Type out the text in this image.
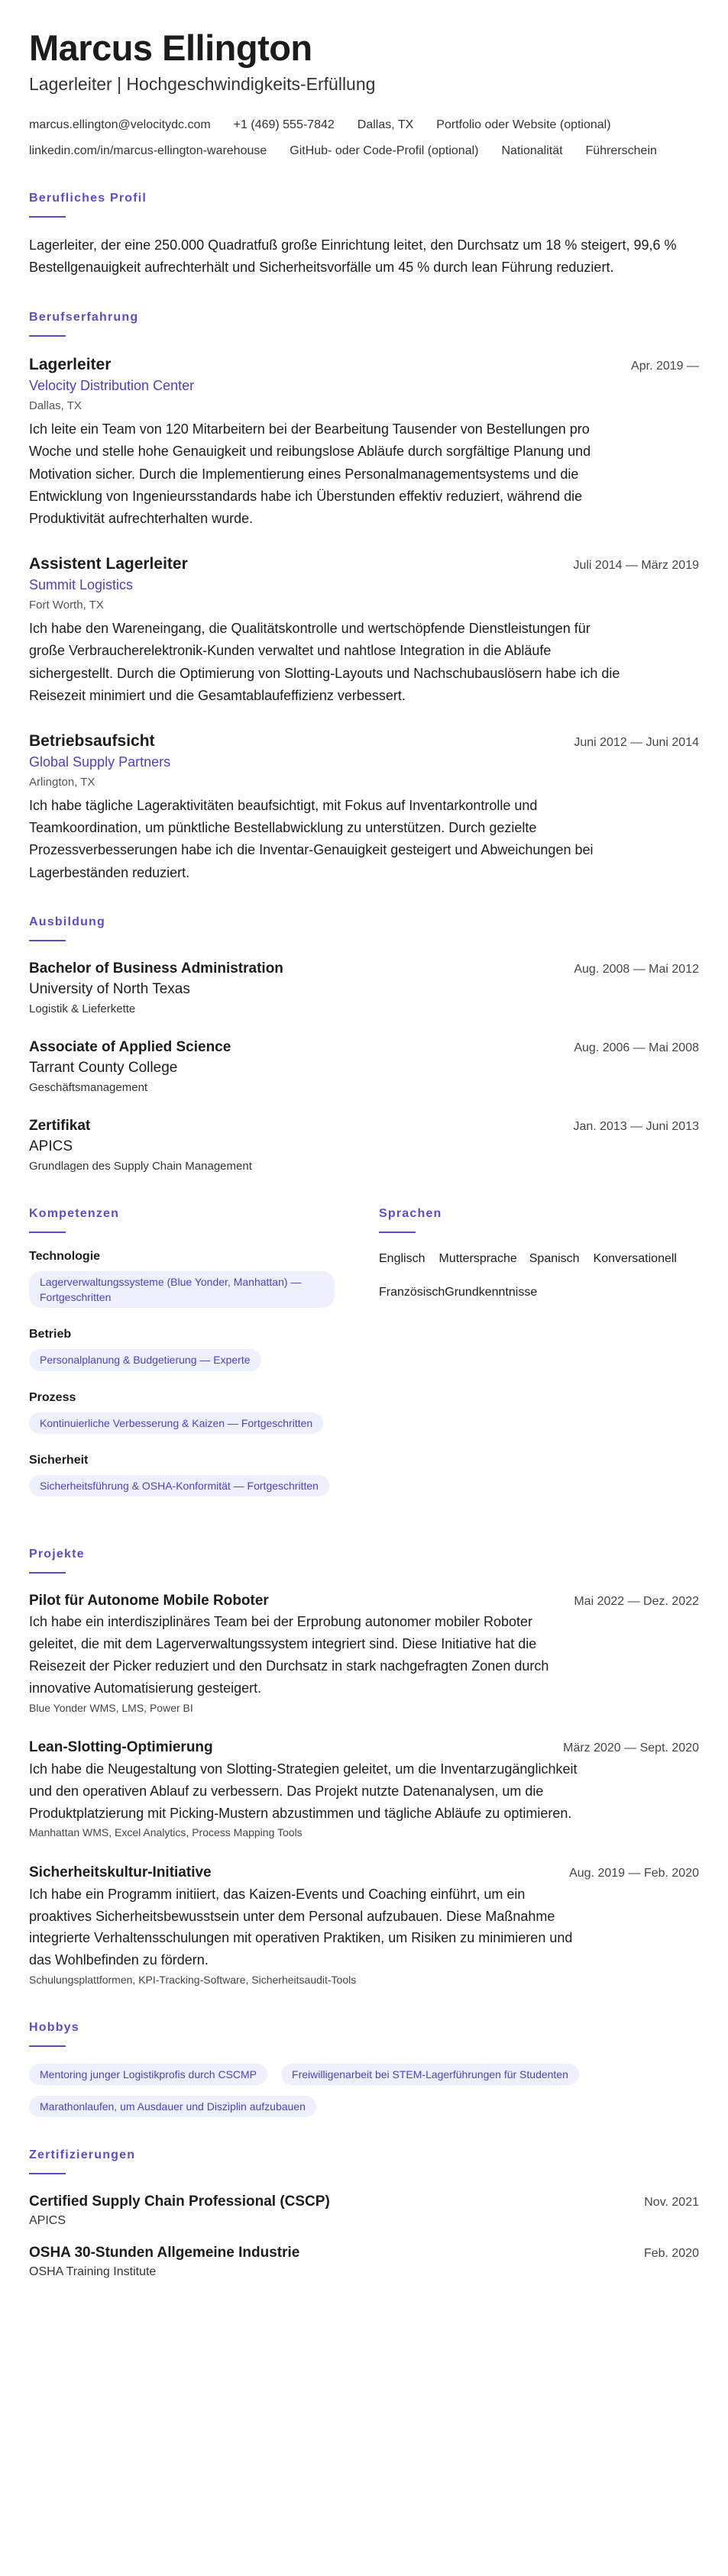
Marcus Ellington
Lagerleiter | Hochgeschwindigkeits-Erfüllung
marcus.ellington@velocitydc.com +1 (469) 555-7842 Dallas, TX Portfolio oder Website (optional)
linkedin.com/in/marcus-ellington-warehouse GitHub- oder Code-Profil (optional) Nationalität Führerschein
Berufliches Profil

Lagerleiter, der eine 250.000 Quadratfuß große Einrichtung leitet, den Durchsatz um 18 % steigert, 99,6 % Bestellgenauigkeit aufrechterhält und Sicherheitsvorfälle um 45 % durch lean Führung reduziert.

Berufserfahrung
Lagerleiter	Apr. 2019 —
Velocity Distribution Center
Dallas, TX

Ich leite ein Team von 120 Mitarbeitern bei der Bearbeitung Tausender von Bestellungen pro Woche und stelle hohe Genauigkeit und reibungslose Abläufe durch sorgfältige Planung und Motivation sicher. Durch die Implementierung eines Personalmanagementsystems und die Entwicklung von Ingenieursstandards habe ich Überstunden effektiv reduziert, während die Produktivität aufrechterhalten wurde.

Assistent Lagerleiter	Juli 2014 — März 2019
Summit Logistics
Fort Worth, TX

Ich habe den Wareneingang, die Qualitätskontrolle und wertschöpfende Dienstleistungen für große Verbraucherelektronik-Kunden verwaltet und nahtlose Integration in die Abläufe sichergestellt. Durch die Optimierung von Slotting-Layouts und Nachschubauslösern habe ich die Reisezeit minimiert und die Gesamtablaufeffizienz verbessert.

Betriebsaufsicht	Juni 2012 — Juni 2014
Global Supply Partners
Arlington, TX

Ich habe tägliche Lageraktivitäten beaufsichtigt, mit Fokus auf Inventarkontrolle und Teamkoordination, um pünktliche Bestellabwicklung zu unterstützen. Durch gezielte Prozessverbesserungen habe ich die Inventar-Genauigkeit gesteigert und Abweichungen bei Lagerbeständen reduziert.

Ausbildung
Bachelor of Business Administration	Aug. 2008 — Mai 2012
University of North Texas
Logistik & Lieferkette
Associate of Applied Science	Aug. 2006 — Mai 2008
Tarrant County College
Geschäftsmanagement
Zertifikat	Jan. 2013 — Juni 2013
APICS
Grundlagen des Supply Chain Management
Kompetenzen
Technologie
Lagerverwaltungssysteme (Blue Yonder, Manhattan) — Fortgeschritten
Betrieb
Personalplanung & Budgetierung — Experte
Prozess
Kontinuierliche Verbesserung & Kaizen — Fortgeschritten
Sicherheit
Sicherheitsführung & OSHA-Konformität — Fortgeschritten
Sprachen
Englisch Muttersprache Spanisch Konversationell
Französisch Grundkenntnisse
Projekte
Pilot für Autonome Mobile Roboter	Mai 2022 — Dez. 2022

Ich habe ein interdisziplinäres Team bei der Erprobung autonomer mobiler Roboter geleitet, die mit dem Lagerverwaltungssystem integriert sind. Diese Initiative hat die Reisezeit der Picker reduziert und den Durchsatz in stark nachgefragten Zonen durch innovative Automatisierung gesteigert.

Blue Yonder WMS, LMS, Power BI
Lean-Slotting-Optimierung	März 2020 — Sept. 2020

Ich habe die Neugestaltung von Slotting-Strategien geleitet, um die Inventarzugänglichkeit und den operativen Ablauf zu verbessern. Das Projekt nutzte Datenanalysen, um die Produktplatzierung mit Picking-Mustern abzustimmen und tägliche Abläufe zu optimieren.

Manhattan WMS, Excel Analytics, Process Mapping Tools
Sicherheitskultur-Initiative	Aug. 2019 — Feb. 2020

Ich habe ein Programm initiiert, das Kaizen-Events und Coaching einführt, um ein proaktives Sicherheitsbewusstsein unter dem Personal aufzubauen. Diese Maßnahme integrierte Verhaltensschulungen mit operativen Praktiken, um Risiken zu minimieren und das Wohlbefinden zu fördern.

Schulungsplattformen, KPI-Tracking-Software, Sicherheitsaudit-Tools
Hobbys
Mentoring junger Logistikprofis durch CSCMP	Freiwilligenarbeit bei STEM-Lagerführungen für Studenten
Marathonlaufen, um Ausdauer und Disziplin aufzubauen
Zertifizierungen
Certified Supply Chain Professional (CSCP)	Nov. 2021
APICS
OSHA 30-Stunden Allgemeine Industrie	Feb. 2020
OSHA Training Institute
